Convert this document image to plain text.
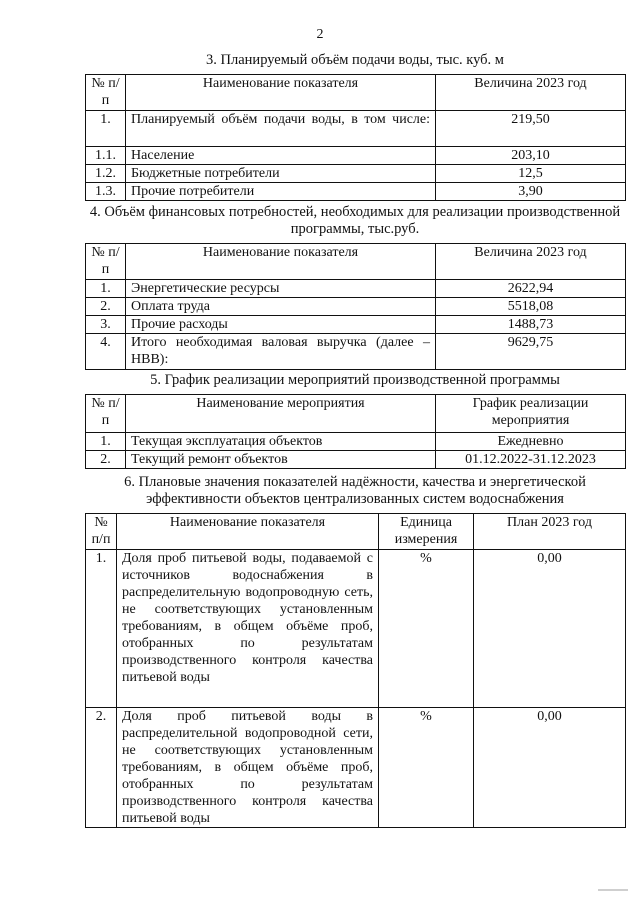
2
3. Планируемый объём подачи воды, тыс. куб. м
№ п/п	Наименование показателя	Величина 2023 год
1.	Планируемый объём подачи воды, в том числе:	219,50
1.1.	Население	203,10
1.2.	Бюджетные потребители	12,5
1.3.	Прочие потребители	3,90
4. Объём финансовых потребностей, необходимых для реализации производственной программы, тыс.руб.
№ п/п	Наименование показателя	Величина 2023 год
1.	Энергетические ресурсы	2622,94
2.	Оплата труда	5518,08
3.	Прочие расходы	1488,73
4.	Итого необходимая валовая выручка (далее – НВВ):	9629,75
5. График реализации мероприятий производственной программы
№ п/п	Наименование мероприятия	График реализации мероприятия
1.	Текущая эксплуатация объектов	Ежедневно
2.	Текущий ремонт объектов	01.12.2022-31.12.2023
6. Плановые значения показателей надёжности, качества и энергетической эффективности объектов централизованных систем водоснабжения
№ п/п	Наименование показателя	Единица измерения	План 2023 год
1.	Доля проб питьевой воды, подаваемой с источников водоснабжения в распределительную водопроводную сеть, не соответствующих установленным требованиям, в общем объёме проб, отобранных по результатам производственного контроля качества питьевой воды	%	0,00
2.	Доля проб питьевой воды в распределительной водопроводной сети, не соответствующих установленным требованиям, в общем объёме проб, отобранных по результатам производственного контроля качества питьевой воды	%	0,00
